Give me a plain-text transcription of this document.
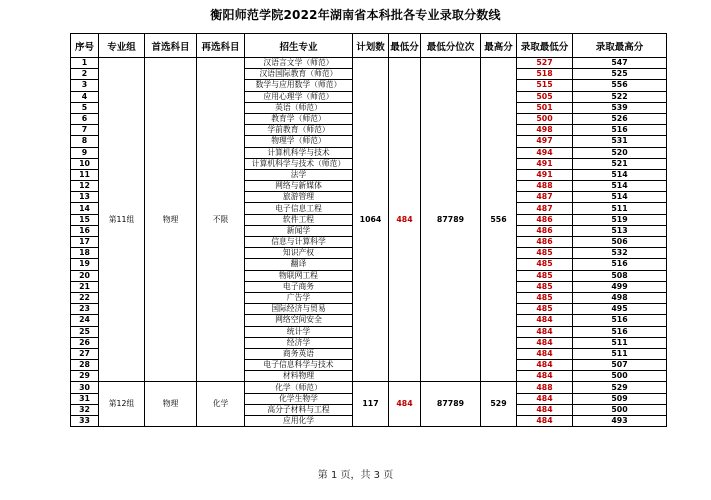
衡阳师范学院2022年湖南省本科批各专业录取分数线
序号	专业组	首选科目	再选科目	招生专业	计划数	最低分	最低分位次	最高分	录取最低分	录取最高分
1	第11组	物理	不限	汉语言文学（师范）	1064	484	87789	556	527	547
2				汉语国际教育（师范）					518	525
3				数学与应用数学（师范）					515	556
4				应用心理学（师范）					505	522
5				英语（师范）					501	539
6				教育学（师范）					500	526
7				学前教育（师范）					498	516
8				物理学（师范）					497	531
9				计算机科学与技术					494	520
10				计算机科学与技术（师范）					491	521
11				法学					491	514
12				网络与新媒体					488	514
13				旅游管理					487	514
14				电子信息工程					487	511
15				软件工程					486	519
16				新闻学					486	513
17				信息与计算科学					486	506
18				知识产权					485	532
19				翻译					485	516
20				物联网工程					485	508
21				电子商务					485	499
22				广告学					485	498
23				国际经济与贸易					485	495
24				网络空间安全					484	516
25				统计学					484	516
26				经济学					484	511
27				商务英语					484	511
28				电子信息科学与技术					484	507
29				材料物理					484	500
30	第12组	物理	化学	化学（师范）	117	484	87789	529	488	529
31				化学生物学					484	509
32				高分子材料与工程					484	500
33				应用化学					484	493
第 1 页，共 3 页
